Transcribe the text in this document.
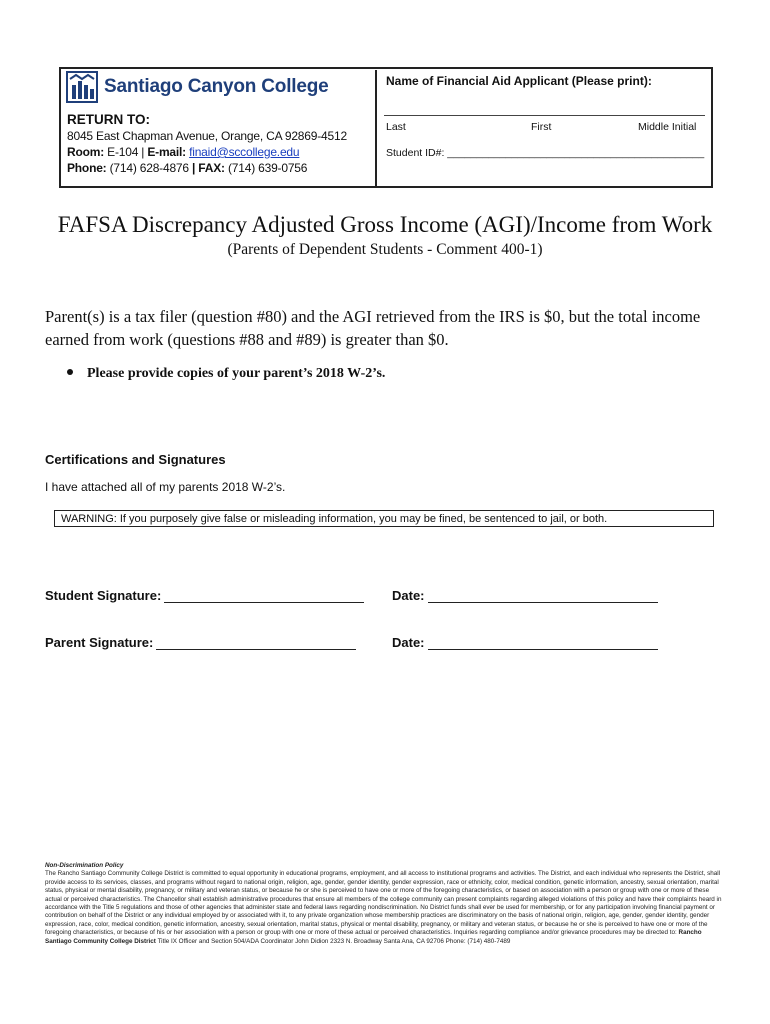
Santiago Canyon College
RETURN TO:
8045 East Chapman Avenue, Orange, CA 92869-4512
Room: E-104 | E-mail: finaid@sccollege.edu
Phone: (714) 628-4876 | FAX: (714) 639-0756
Name of Financial Aid Applicant (Please print):
Last	First	Middle Initial
Student ID#: ____________________________________________
FAFSA Discrepancy Adjusted Gross Income (AGI)/Income from Work
(Parents of Dependent Students - Comment 400-1)
Parent(s) is a tax filer (question #80) and the AGI retrieved from the IRS is $0, but the total income earned from work (questions #88 and #89) is greater than $0.
Please provide copies of your parent’s 2018 W-2’s.
Certifications and Signatures
I have attached all of my parents 2018 W-2’s.
WARNING: If you purposely give false or misleading information, you may be fined, be sentenced to jail, or both.
Student Signature:	Date:
Parent Signature:	Date:
Non-Discrimination Policy
The Rancho Santiago Community College District is committed to equal opportunity in educational programs, employment, and all access to institutional programs and activities. The District, and each individual who represents the District, shall provide access to its services, classes, and programs without regard to national origin, religion, age, gender, gender identity, gender expression, race or ethnicity, color, medical condition, genetic information, ancestry, sexual orientation, marital status, physical or mental disability, pregnancy, or military and veteran status, or because he or she is perceived to have one or more of the foregoing characteristics, or based on association with a person or group with one or more of these actual or perceived characteristics. The Chancellor shall establish administrative procedures that ensure all members of the college community can present complaints regarding alleged violations of this policy and have their complaints heard in accordance with the Title 5 regulations and those of other agencies that administer state and federal laws regarding nondiscrimination. No District funds shall ever be used for membership, or for any participation involving financial payment or contribution on behalf of the District or any individual employed by or associated with it, to any private organization whose membership practices are discriminatory on the basis of national origin, religion, age, gender, gender identity, gender expression, race, color, medical condition, genetic information, ancestry, sexual orientation, marital status, physical or mental disability, pregnancy, or military and veteran status, or because he or she is perceived to have one or more of the foregoing characteristics, or because of his or her association with a person or group with one or more of these actual or perceived characteristics. Inquiries regarding compliance and/or grievance procedures may be directed to: Rancho Santiago Community College District Title IX Officer and Section 504/ADA Coordinator John Didion 2323 N. Broadway Santa Ana, CA 92706 Phone: (714) 480-7489
